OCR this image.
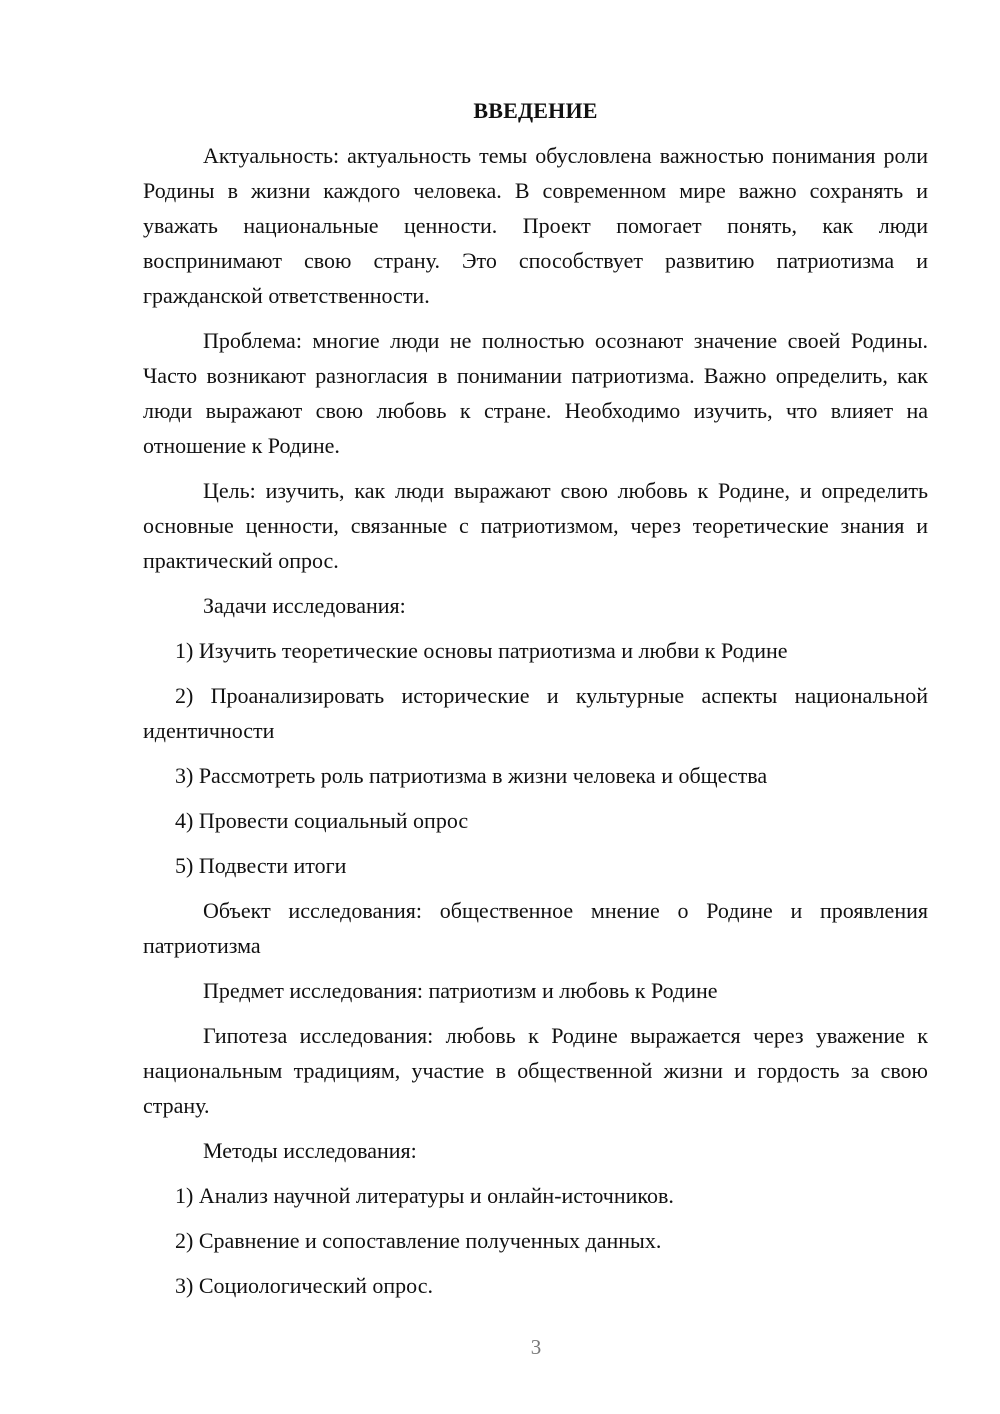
ВВЕДЕНИЕ

Актуальность: актуальность темы обусловлена важностью понимания роли Родины в жизни каждого человека. В современном мире важно сохранять и уважать национальные ценности. Проект помогает понять, как люди воспринимают свою страну. Это способствует развитию патриотизма и гражданской ответственности.

Проблема: многие люди не полностью осознают значение своей Родины. Часто возникают разногласия в понимании патриотизма. Важно определить, как люди выражают свою любовь к стране. Необходимо изучить, что влияет на отношение к Родине.

Цель: изучить, как люди выражают свою любовь к Родине, и определить основные ценности, связанные с патриотизмом, через теоретические знания и практический опрос.

Задачи исследования:

1) Изучить теоретические основы патриотизма и любви к Родине

2) Проанализировать исторические и культурные аспекты национальной идентичности

3) Рассмотреть роль патриотизма в жизни человека и общества

4) Провести социальный опрос

5) Подвести итоги

Объект исследования: общественное мнение о Родине и проявления патриотизма

Предмет исследования: патриотизм и любовь к Родине

Гипотеза исследования: любовь к Родине выражается через уважение к национальным традициям, участие в общественной жизни и гордость за свою страну.

Методы исследования:

1) Анализ научной литературы и онлайн-источников.

2) Сравнение и сопоставление полученных данных.

3) Социологический опрос.

3
